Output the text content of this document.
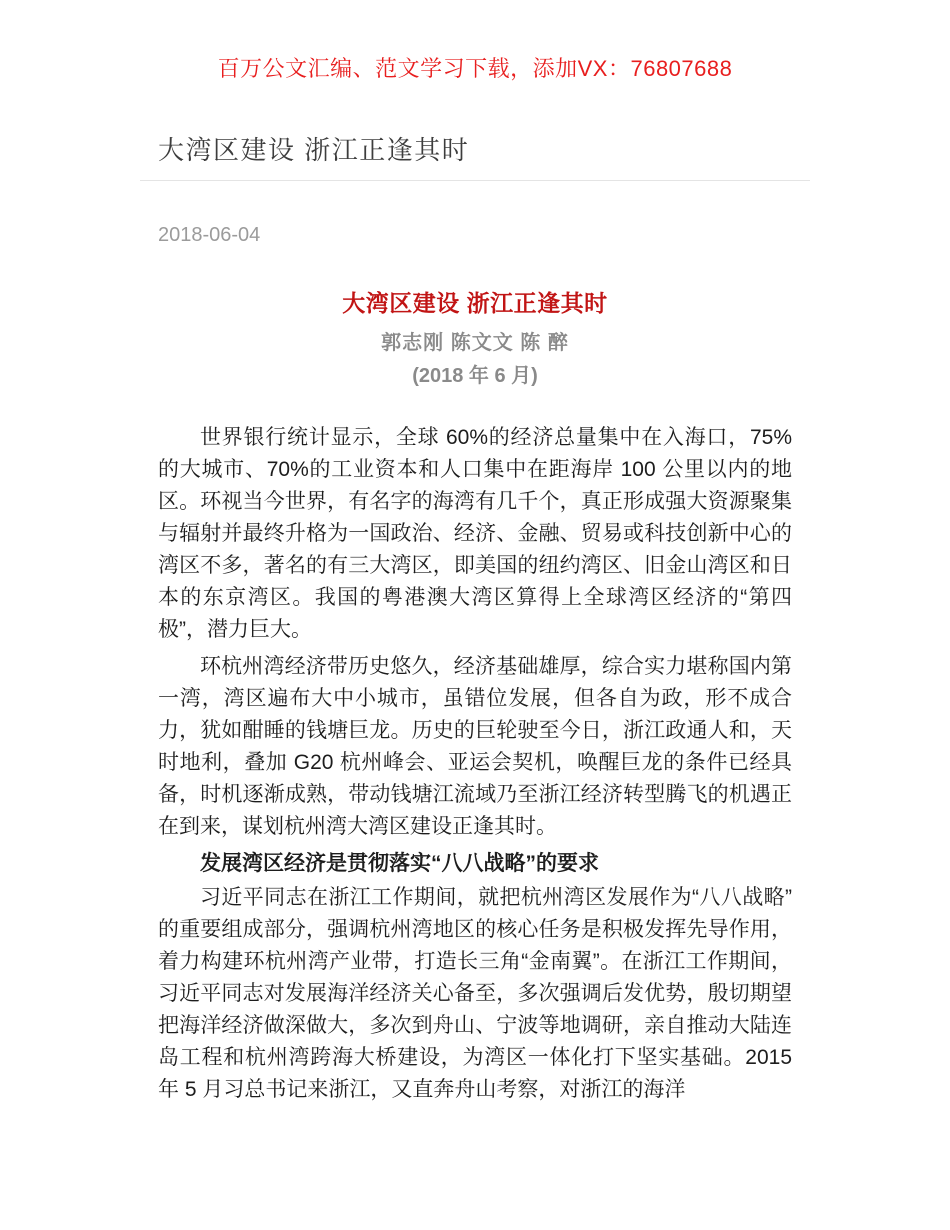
百万公文汇编、范文学习下载，添加VX：76807688
大湾区建设 浙江正逢其时
2018-06-04
大湾区建设 浙江正逢其时
郭志刚 陈文文 陈 醉
(2018 年 6 月)

世界银行统计显示，全球 60%的经济总量集中在入海口，75%的大城市、70%的工业资本和人口集中在距海岸 100 公里以内的地区。环视当今世界，有名字的海湾有几千个，真正形成强大资源聚集与辐射并最终升格为一国政治、经济、金融、贸易或科技创新中心的湾区不多，著名的有三大湾区，即美国的纽约湾区、旧金山湾区和日本的东京湾区。我国的粤港澳大湾区算得上全球湾区经济的“第四极”，潜力巨大。

环杭州湾经济带历史悠久，经济基础雄厚，综合实力堪称国内第一湾，湾区遍布大中小城市，虽错位发展，但各自为政，形不成合力，犹如酣睡的钱塘巨龙。历史的巨轮驶至今日，浙江政通人和，天时地利，叠加 G20 杭州峰会、亚运会契机，唤醒巨龙的条件已经具备，时机逐渐成熟，带动钱塘江流域乃至浙江经济转型腾飞的机遇正在到来，谋划杭州湾大湾区建设正逢其时。

发展湾区经济是贯彻落实“八八战略”的要求

习近平同志在浙江工作期间，就把杭州湾区发展作为“八八战略”的重要组成部分，强调杭州湾地区的核心任务是积极发挥先导作用，着力构建环杭州湾产业带，打造长三角“金南翼”。在浙江工作期间，习近平同志对发展海洋经济关心备至，多次强调后发优势，殷切期望把海洋经济做深做大，多次到舟山、宁波等地调研，亲自推动大陆连岛工程和杭州湾跨海大桥建设，为湾区一体化打下坚实基础。2015 年 5 月习总书记来浙江，又直奔舟山考察，对浙江的海洋
